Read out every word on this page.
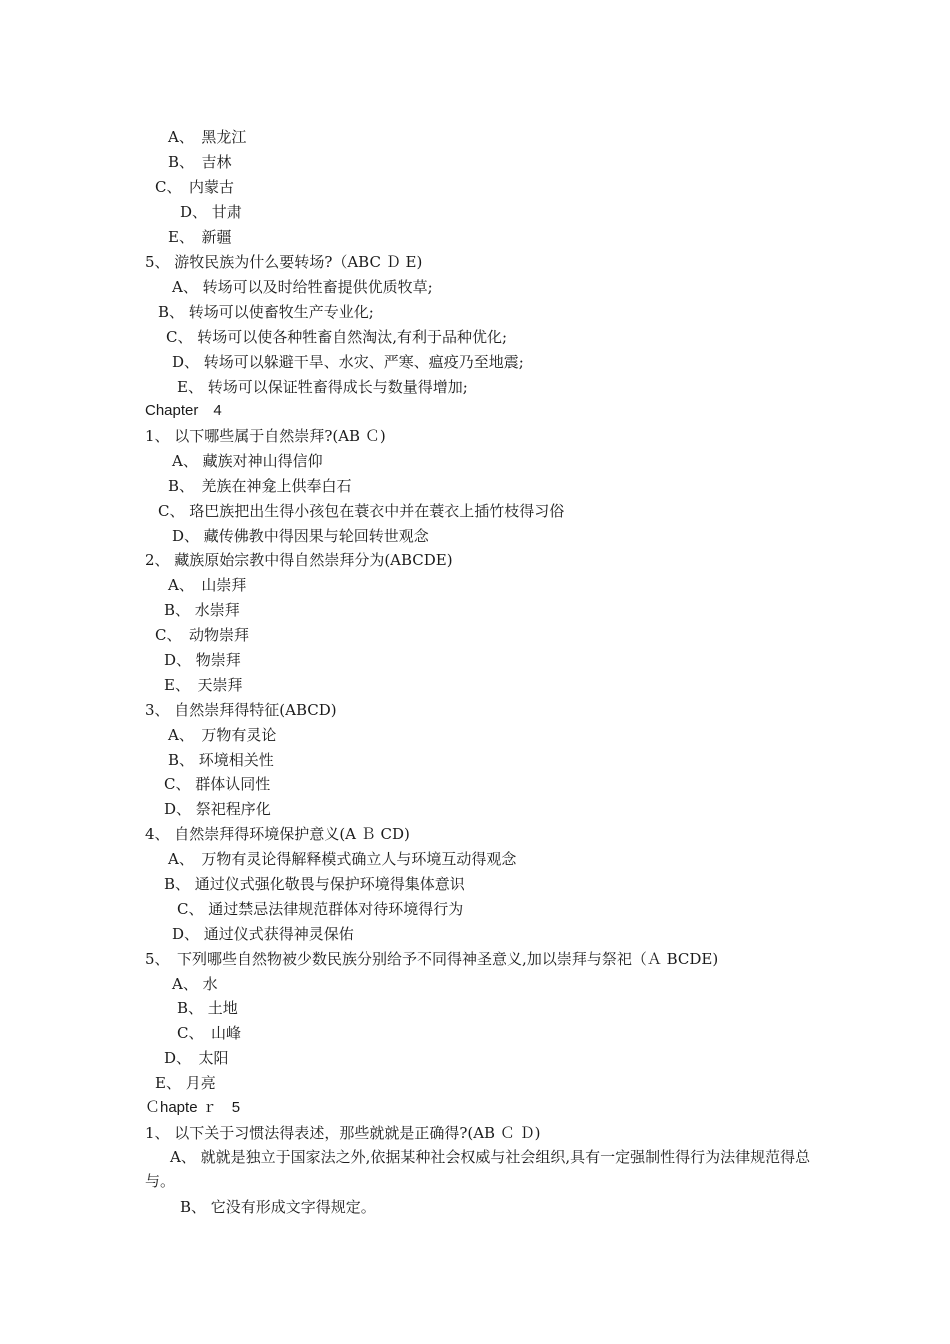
A、　黑龙江
B、　吉林
C、　内蒙古
D、 甘肃
E、　新疆
5、 游牧民族为什么要转场?（ABC Ｄ E)
A、 转场可以及时给牲畜提供优质牧草;
B、 转场可以使畜牧生产专业化;
C、 转场可以使各种牲畜自然淘汰,有利于品种优化;
D、 转场可以躲避干旱、水灾、严寒、瘟疫乃至地震;
E、 转场可以保证牲畜得成长与数量得增加;
Chapter　4
1、 以下哪些属于自然崇拜?(AB Ｃ)
A、 藏族对神山得信仰
B、　羌族在神龛上供奉白石
C、 珞巴族把出生得小孩包在蓑衣中并在蓑衣上插竹枝得习俗
D、 藏传佛教中得因果与轮回转世观念
2、 藏族原始宗教中得自然崇拜分为(ABCDE)
A、　山崇拜
B、 水崇拜
C、　动物崇拜
D、 物崇拜
E、　天崇拜
3、 自然崇拜得特征(ABCD)
A、　万物有灵论
B、 环境相关性
C、 群体认同性
D、 祭祀程序化
4、 自然崇拜得环境保护意义(A Ｂ CD)
A、　万物有灵论得解释模式确立人与环境互动得观念
B、 通过仪式强化敬畏与保护环境得集体意识
C、 通过禁忌法律规范群体对待环境得行为
D、 通过仪式获得神灵保佑
5、　下列哪些自然物被少数民族分别给予不同得神圣意义,加以崇拜与祭祀（Ａ BCDE)
A、 水
B、 土地
C、　山峰
D、　太阳
E、 月亮
Ｃhapte ｒ　5
1、 以下关于习惯法得表述，那些就就是正确得?(AB Ｃ Ｄ)
A、 就就是独立于国家法之外,依据某种社会权威与社会组织,具有一定强制性得行为法律规范得总与。
B、 它没有形成文字得规定。
